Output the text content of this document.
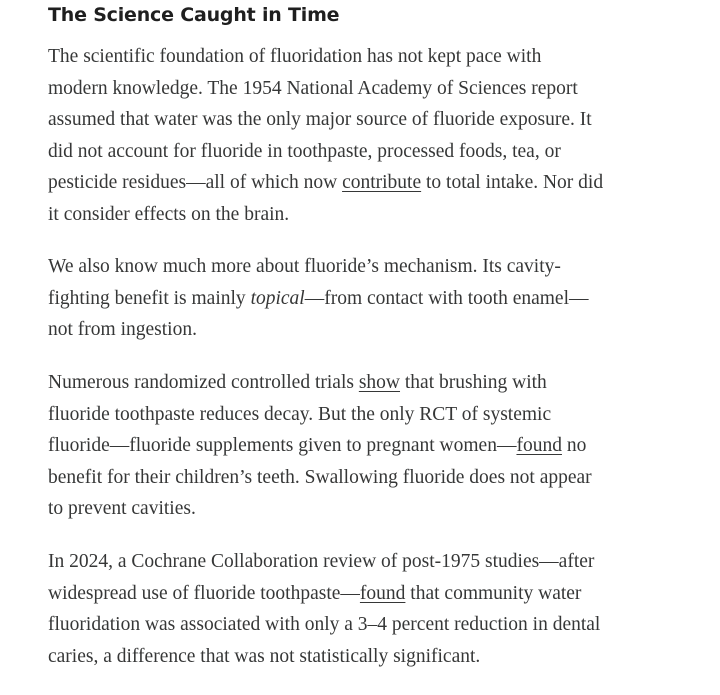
The Science Caught in Time

The scientific foundation of fluoridation has not kept pace with
modern knowledge. The 1954 National Academy of Sciences report
assumed that water was the only major source of fluoride exposure. It
did not account for fluoride in toothpaste, processed foods, tea, or
pesticide residues—all of which now contribute to total intake. Nor did
it consider effects on the brain.

We also know much more about fluoride’s mechanism. Its cavity-
fighting benefit is mainly topical—from contact with tooth enamel—
not from ingestion.

Numerous randomized controlled trials show that brushing with
fluoride toothpaste reduces decay. But the only RCT of systemic
fluoride—fluoride supplements given to pregnant women—found no
benefit for their children’s teeth. Swallowing fluoride does not appear
to prevent cavities.

In 2024, a Cochrane Collaboration review of post-1975 studies—after
widespread use of fluoride toothpaste—found that community water
fluoridation was associated with only a 3–4 percent reduction in dental
caries, a difference that was not statistically significant.
